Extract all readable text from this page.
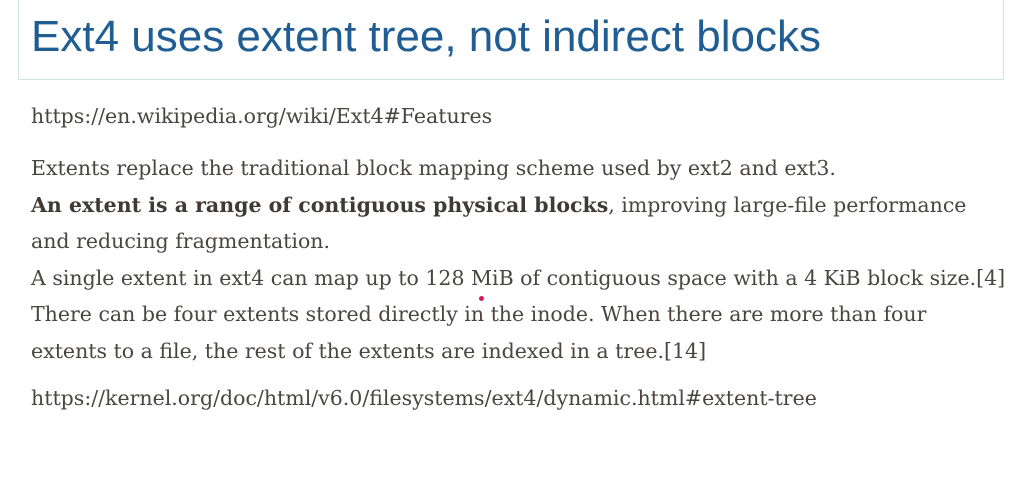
Ext4 uses extent tree, not indirect blocks
https://en.wikipedia.org/wiki/Ext4#Features
Extents replace the traditional block mapping scheme used by ext2 and ext3.
An extent is a range of contiguous physical blocks, improving large-file performance and reducing fragmentation.
A single extent in ext4 can map up to 128 MiB of contiguous space with a 4 KiB block size.[4]
There can be four extents stored directly in the inode. When there are more than four extents to a file, the rest of the extents are indexed in a tree.[14]
https://kernel.org/doc/html/v6.0/filesystems/ext4/dynamic.html#extent-tree
